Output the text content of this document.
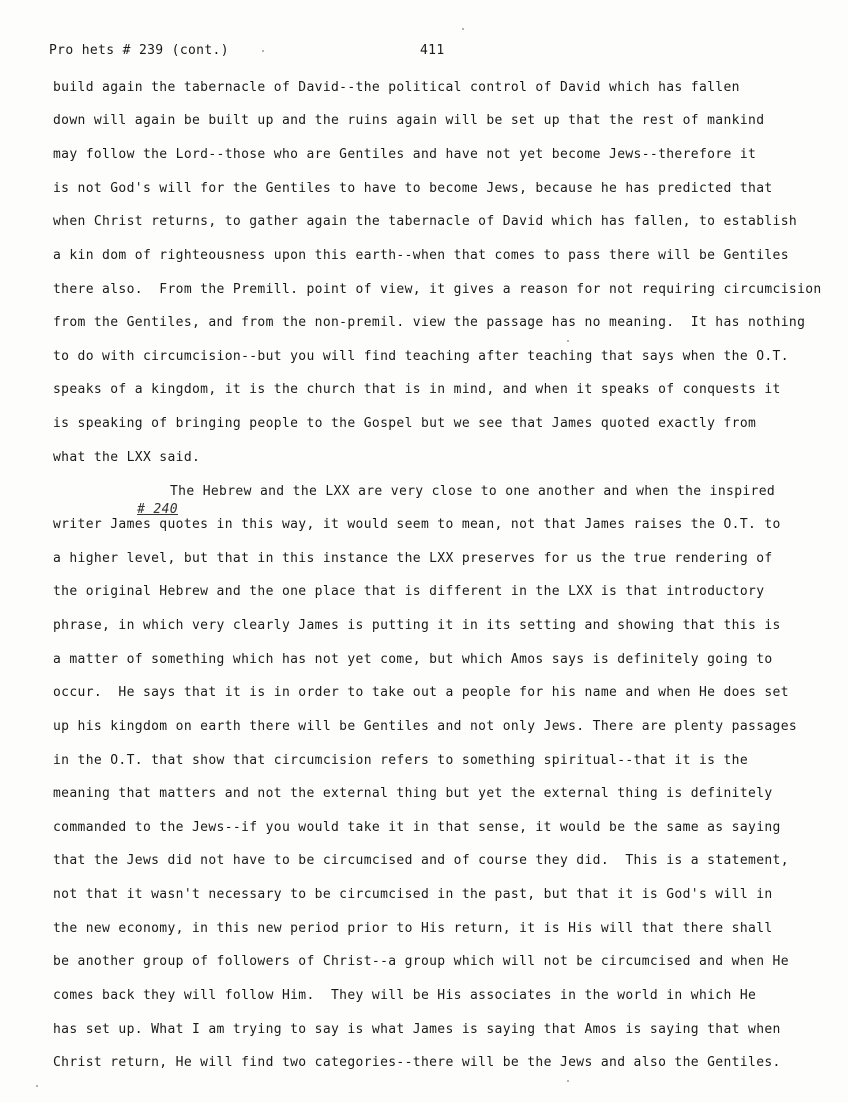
Pro hets # 239 (cont.)	411
build again the tabernacle of David--the political control of David which has fallen
down will again be built up and the ruins again will be set up that the rest of mankind
may follow the Lord--those who are Gentiles and have not yet become Jews--therefore it
is not God's will for the Gentiles to have to become Jews, because he has predicted that
when Christ returns, to gather again the tabernacle of David which has fallen, to establish
a kin dom of righteousness upon this earth--when that comes to pass there will be Gentiles
there also.  From the Premill. point of view, it gives a reason for not requiring circumcision
from the Gentiles, and from the non-premil. view the passage has no meaning.  It has nothing
to do with circumcision--but you will find teaching after teaching that says when the O.T.
speaks of a kingdom, it is the church that is in mind, and when it speaks of conquests it
is speaking of bringing people to the Gospel but we see that James quoted exactly from
what the LXX said.

# 240

The Hebrew and the LXX are very close to one another and when the inspired
writer James quotes in this way, it would seem to mean, not that James raises the O.T. to
a higher level, but that in this instance the LXX preserves for us the true rendering of
the original Hebrew and the one place that is different in the LXX is that introductory
phrase, in which very clearly James is putting it in its setting and showing that this is
a matter of something which has not yet come, but which Amos says is definitely going to
occur.  He says that it is in order to take out a people for his name and when He does set
up his kingdom on earth there will be Gentiles and not only Jews. There are plenty passages
in the O.T. that show that circumcision refers to something spiritual--that it is the
meaning that matters and not the external thing but yet the external thing is definitely
commanded to the Jews--if you would take it in that sense, it would be the same as saying
that the Jews did not have to be circumcised and of course they did.  This is a statement,
not that it wasn't necessary to be circumcised in the past, but that it is God's will in
the new economy, in this new period prior to His return, it is His will that there shall
be another group of followers of Christ--a group which will not be circumcised and when He
comes back they will follow Him.  They will be His associates in the world in which He
has set up. What I am trying to say is what James is saying that Amos is saying that when
Christ return, He will find two categories--there will be the Jews and also the Gentiles.
